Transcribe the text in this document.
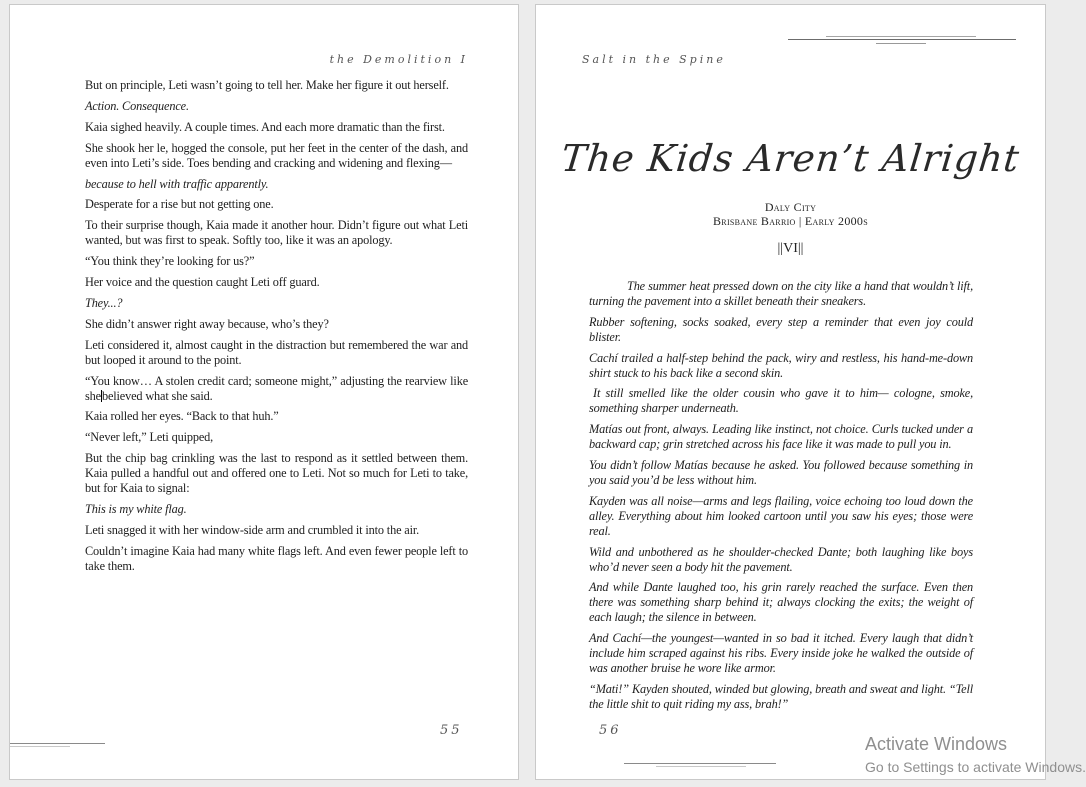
the Demolition I

But on principle, Leti wasn’t going to tell her. Make her figure it out herself.

Action. Consequence.

Kaia sighed heavily. A couple times. And each more dramatic than the first.

She shook her le, hogged the console, put her feet in the center of the dash, and even into Leti’s side. Toes bending and cracking and widening and flexing—

because to hell with traffic apparently.

Desperate for a rise but not getting one.

To their surprise though, Kaia made it another hour. Didn’t figure out what Leti wanted, but was first to speak. Softly too, like it was an apology.

“You think they’re looking for us?”

Her voice and the question caught Leti off guard.

They...?

She didn’t answer right away because, who’s they?

Leti considered it, almost caught in the distraction but remembered the war and but looped it around to the point.

“You know… A stolen credit card; someone might,” adjusting the rearview like shebelieved what she said.

Kaia rolled her eyes. “Back to that huh.”

“Never left,” Leti quipped,

But the chip bag crinkling was the last to respond as it settled between them. Kaia pulled a handful out and offered one to Leti. Not so much for Leti to take, but for Kaia to signal:

This is my white flag.

Leti snagged it with her window-side arm and crumbled it into the air.

Couldn’t imagine Kaia had many white flags left. And even fewer people left to take them.

55
Salt in the Spine
The Kids Aren’t Alright
Daly City
Brisbane Barrio | Early 2000s
||VI||

The summer heat pressed down on the city like a hand that wouldn’t lift, turning the pavement into a skillet beneath their sneakers.

Rubber softening, socks soaked, every step a reminder that even joy could blister.

Cachí trailed a half-step behind the pack, wiry and restless, his hand-me-down shirt stuck to his back like a second skin.

It still smelled like the older cousin who gave it to him— cologne, smoke, something sharper underneath.

Matías out front, always. Leading like instinct, not choice. Curls tucked under a backward cap; grin stretched across his face like it was made to pull you in.

You didn’t follow Matías because he asked. You followed because something in you said you’d be less without him.

Kayden was all noise—arms and legs flailing, voice echoing too loud down the alley. Everything about him looked cartoon until you saw his eyes; those were real.

Wild and unbothered as he shoulder-checked Dante; both laughing like boys who’d never seen a body hit the pavement.

And while Dante laughed too, his grin rarely reached the surface. Even then there was something sharp behind it; always clocking the exits; the weight of each laugh; the silence in between.

And Cachí—the youngest—wanted in so bad it itched. Every laugh that didn’t include him scraped against his ribs. Every inside joke he walked the outside of was another bruise he wore like armor.

“Mati!” Kayden shouted, winded but glowing, breath and sweat and light. “Tell the little shit to quit riding my ass, brah!”

56
Activate Windows
Go to Settings to activate Windows.
